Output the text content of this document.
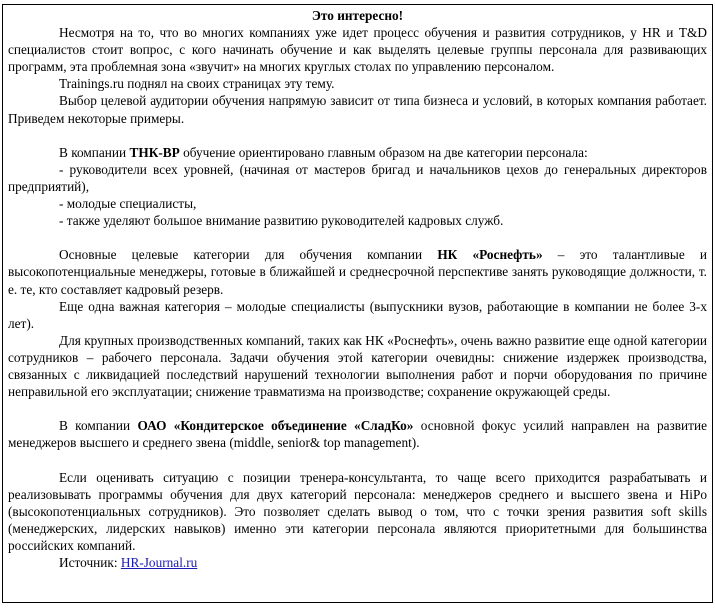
Это интересно!

Несмотря на то, что во многих компаниях уже идет процесс обучения и развития сотрудников, у HR и T&D специалистов стоит вопрос, с кого начинать обучение и как выделять целевые группы персонала для развивающих программ, эта проблемная зона «звучит» на многих круглых столах по управлению персоналом.

Trainings.ru поднял на своих страницах эту тему.

Выбор целевой аудитории обучения напрямую зависит от типа бизнеса и условий, в которых компания работает. Приведем некоторые примеры.

В компании ТНК-ВР обучение ориентировано главным образом на две категории персонала:

- руководители всех уровней, (начиная от мастеров бригад и начальников цехов до генеральных директоров предприятий),

- молодые специалисты,

- также уделяют большое внимание развитию руководителей кадровых служб.

Основные целевые категории для обучения компании НК «Роснефть» – это талантливые и высокопотенциальные менеджеры, готовые в ближайшей и среднесрочной перспективе занять руководящие должности, т. е. те, кто составляет кадровый резерв.

Еще одна важная категория – молодые специалисты (выпускники вузов, работающие в компании не более 3-х лет).

Для крупных производственных компаний, таких как НК «Роснефть», очень важно развитие еще одной категории сотрудников – рабочего персонала. Задачи обучения этой категории очевидны: снижение издержек производства, связанных с ликвидацией последствий нарушений технологии выполнения работ и порчи оборудования по причине неправильной его эксплуатации; снижение травматизма на производстве; сохранение окружающей среды.

В компании ОАО «Кондитерское объединение «СладКо» основной фокус усилий направлен на развитие менеджеров высшего и среднего звена (middle, senior& top management).

Если оценивать ситуацию с позиции тренера-консультанта, то чаще всего приходится разрабатывать и реализовывать программы обучения для двух категорий персонала: менеджеров среднего и высшего звена и HiPo (высокопотенциальных сотрудников). Это позволяет сделать вывод о том, что с точки зрения развития soft skills (менеджерских, лидерских навыков) именно эти категории персонала являются приоритетными для большинства российских компаний.

Источник: HR-Journal.ru
